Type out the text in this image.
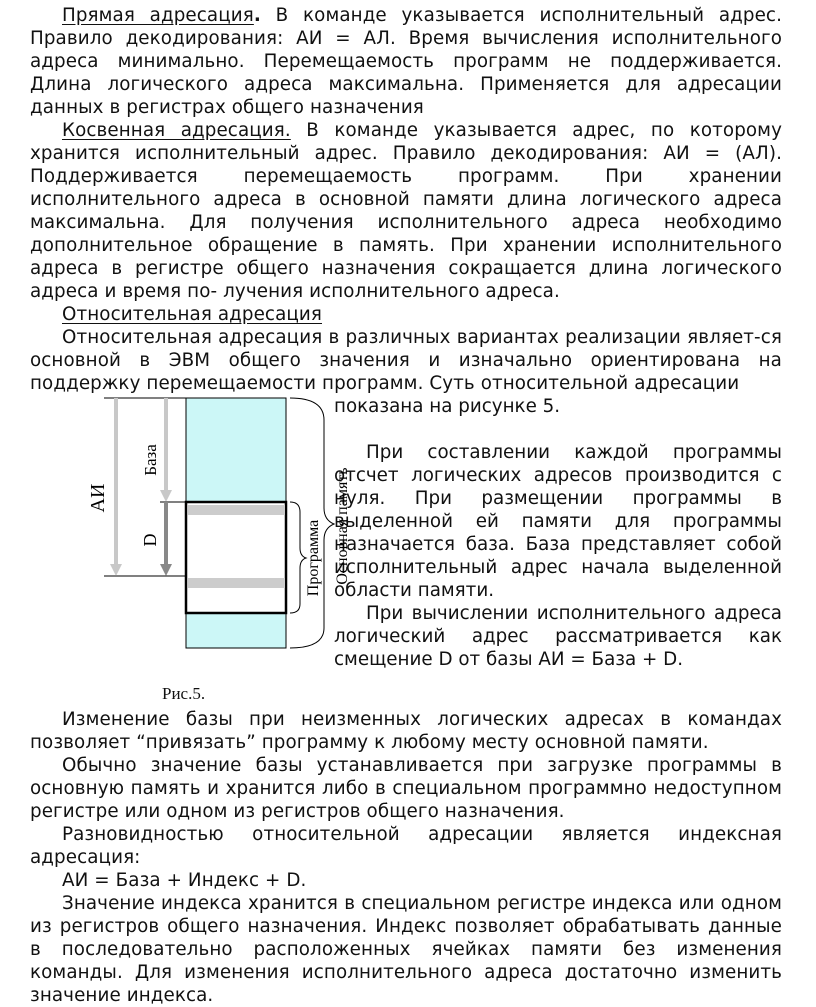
Прямая адресация. В команде указывается исполнительный адрес. Правило декодирования: АИ = АЛ. Время вычисления исполнительного адреса минимально. Перемещаемость программ не поддерживается. Длина логического адреса максимальна. Применяется для адресации данных в регистрах общего назначения
Косвенная адресация. В команде указывается адрес, по которому хранится исполнительный адрес. Правило декодирования: АИ = (АЛ). Поддерживается перемещаемость программ. При хранении исполнительного адреса в основной памяти длина логического адреса максимальна. Для получения исполнительного адреса необходимо дополнительное обращение в память. При хранении исполнительного адреса в регистре общего назначения сокращается длина логического адреса и время по- лучения исполнительного адреса.
Относительная адресация
Относительная адресация в различных вариантах реализации являет-ся основной в ЭВМ общего значения и изначально ориентирована на поддержку перемещаемости программ. Суть относительной адресации
показана на рисунке 5.
При составлении каждой программы отсчет логических адресов производится с нуля. При размещении программы в выделенной ей памяти для программы назначается база. База представляет собой исполнительный адрес начала выделенной области памяти.
При вычислении исполнительного адреса логический адрес рассматривается как смещение D от базы АИ = База + D.
АИ
База
D	Программа Основная память
Рис.5.
Изменение базы при неизменных логических адресах в командах позволяет “привязать” программу к любому месту основной памяти.
Обычно значение базы устанавливается при загрузке программы в основную память и хранится либо в специальном программно недоступном регистре или одном из регистров общего назначения.
Разновидностью относительной адресации является индексная адресация:
АИ = База + Индекс + D.
Значение индекса хранится в специальном регистре индекса или одном из регистров общего назначения. Индекс позволяет обрабатывать данные в последовательно расположенных ячейках памяти без изменения команды. Для изменения исполнительного адреса достаточно изменить значение индекса.
